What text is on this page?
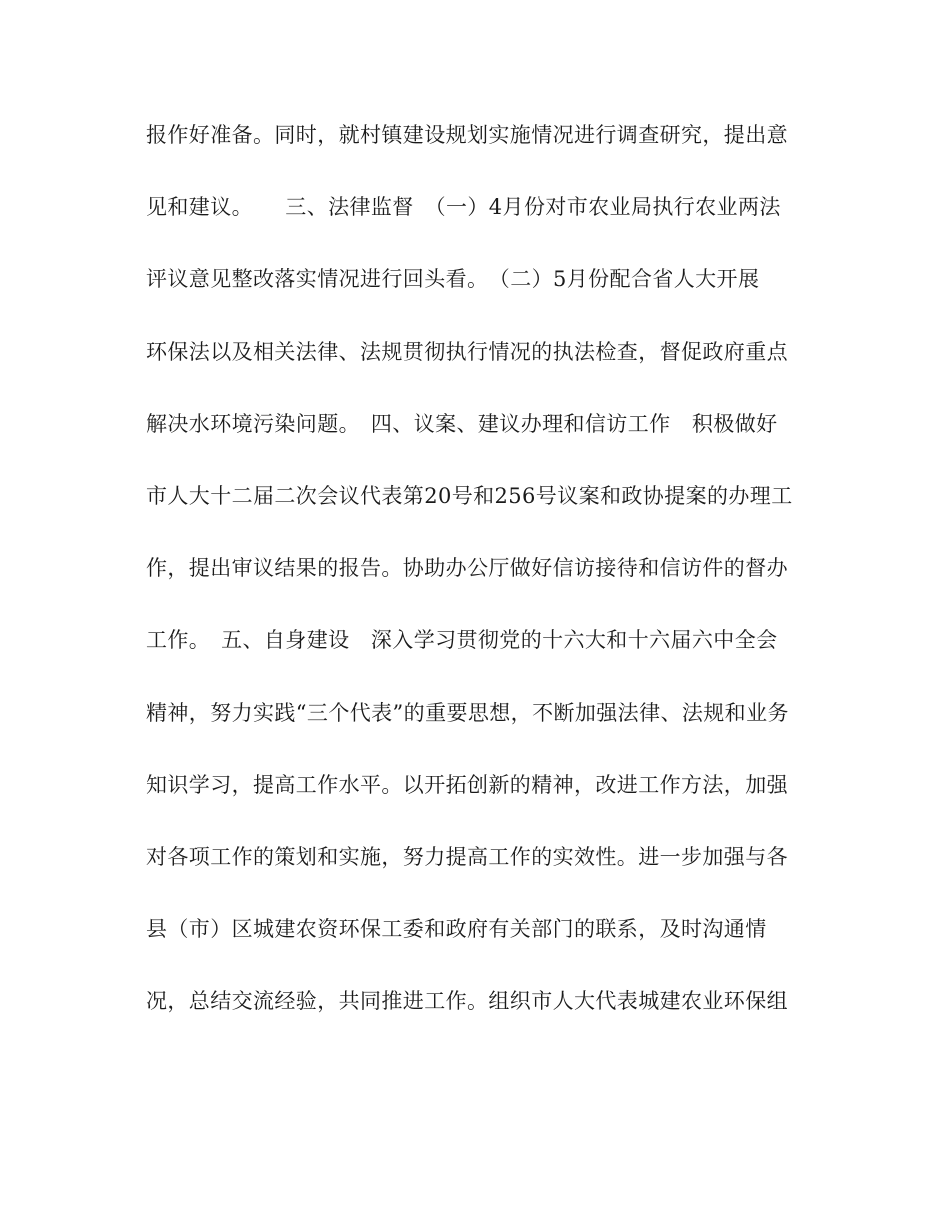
报作好准备。同时，就村镇建设规划实施情况进行调查研究，提出意
见和建议。　　三、法律监督　（一）4月份对市农业局执行农业两法
评议意见整改落实情况进行回头看。　（二）5月份配合省人大开展
环保法以及相关法律、法规贯彻执行情况的执法检查，督促政府重点
解决水环境污染问题。　四、议案、建议办理和信访工作　积极做好
市人大十二届二次会议代表第20号和256号议案和政协提案的办理工
作，提出审议结果的报告。协助办公厅做好信访接待和信访件的督办
工作。　五、自身建设　深入学习贯彻党的十六大和十六届六中全会
精神，努力实践“三个代表”的重要思想，不断加强法律、法规和业务
知识学习，提高工作水平。以开拓创新的精神，改进工作方法，加强
对各项工作的策划和实施，努力提高工作的实效性。进一步加强与各
县（市）区城建农资环保工委和政府有关部门的联系，及时沟通情
况，总结交流经验，共同推进工作。组织市人大代表城建农业环保组
